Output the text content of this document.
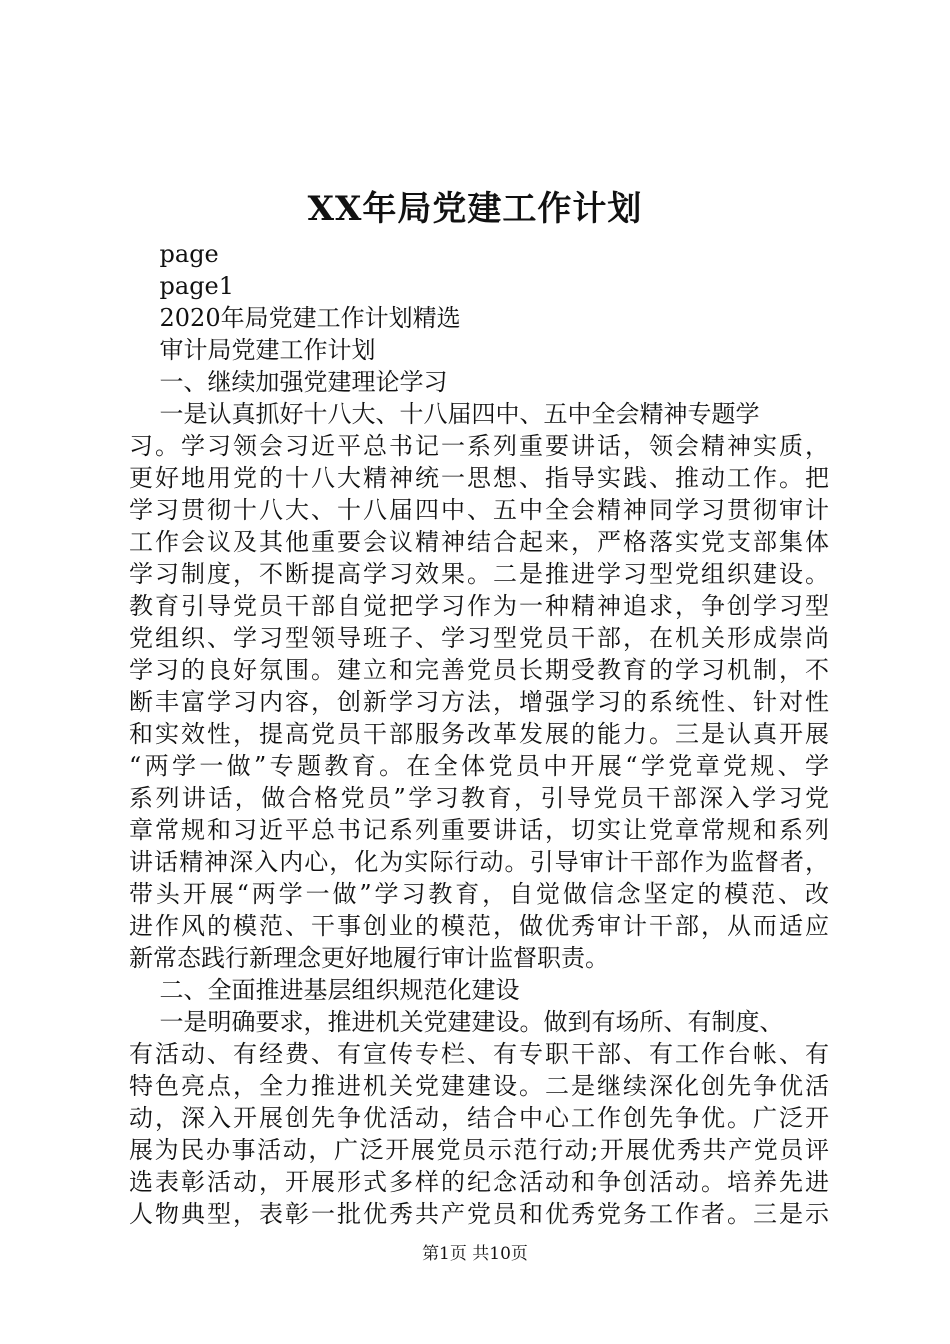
XX年局党建工作计划
page
page1
2020年局党建工作计划精选
审计局党建工作计划
一、继续加强党建理论学习
一是认真抓好十八大、十八届四中、五中全会精神专题学
习。学习领会习近平总书记一系列重要讲话，领会精神实质，
更好地用党的十八大精神统一思想、指导实践、推动工作。把
学习贯彻十八大、十八届四中、五中全会精神同学习贯彻审计
工作会议及其他重要会议精神结合起来，严格落实党支部集体
学习制度，不断提高学习效果。二是推进学习型党组织建设。
教育引导党员干部自觉把学习作为一种精神追求，争创学习型
党组织、学习型领导班子、学习型党员干部，在机关形成崇尚
学习的良好氛围。建立和完善党员长期受教育的学习机制，不
断丰富学习内容，创新学习方法，增强学习的系统性、针对性
和实效性，提高党员干部服务改革发展的能力。三是认真开展
“两学一做”专题教育。在全体党员中开展“学党章党规、学
系列讲话，做合格党员”学习教育，引导党员干部深入学习党
章常规和习近平总书记系列重要讲话，切实让党章常规和系列
讲话精神深入内心，化为实际行动。引导审计干部作为监督者，
带头开展“两学一做”学习教育，自觉做信念坚定的模范、改
进作风的模范、干事创业的模范，做优秀审计干部，从而适应
新常态践行新理念更好地履行审计监督职责。
二、全面推进基层组织规范化建设
一是明确要求，推进机关党建建设。做到有场所、有制度、
有活动、有经费、有宣传专栏、有专职干部、有工作台帐、有
特色亮点，全力推进机关党建建设。二是继续深化创先争优活
动，深入开展创先争优活动，结合中心工作创先争优。广泛开
展为民办事活动，广泛开展党员示范行动;开展优秀共产党员评
选表彰活动，开展形式多样的纪念活动和争创活动。培养先进
人物典型，表彰一批优秀共产党员和优秀党务工作者。三是示
第1页 共10页
